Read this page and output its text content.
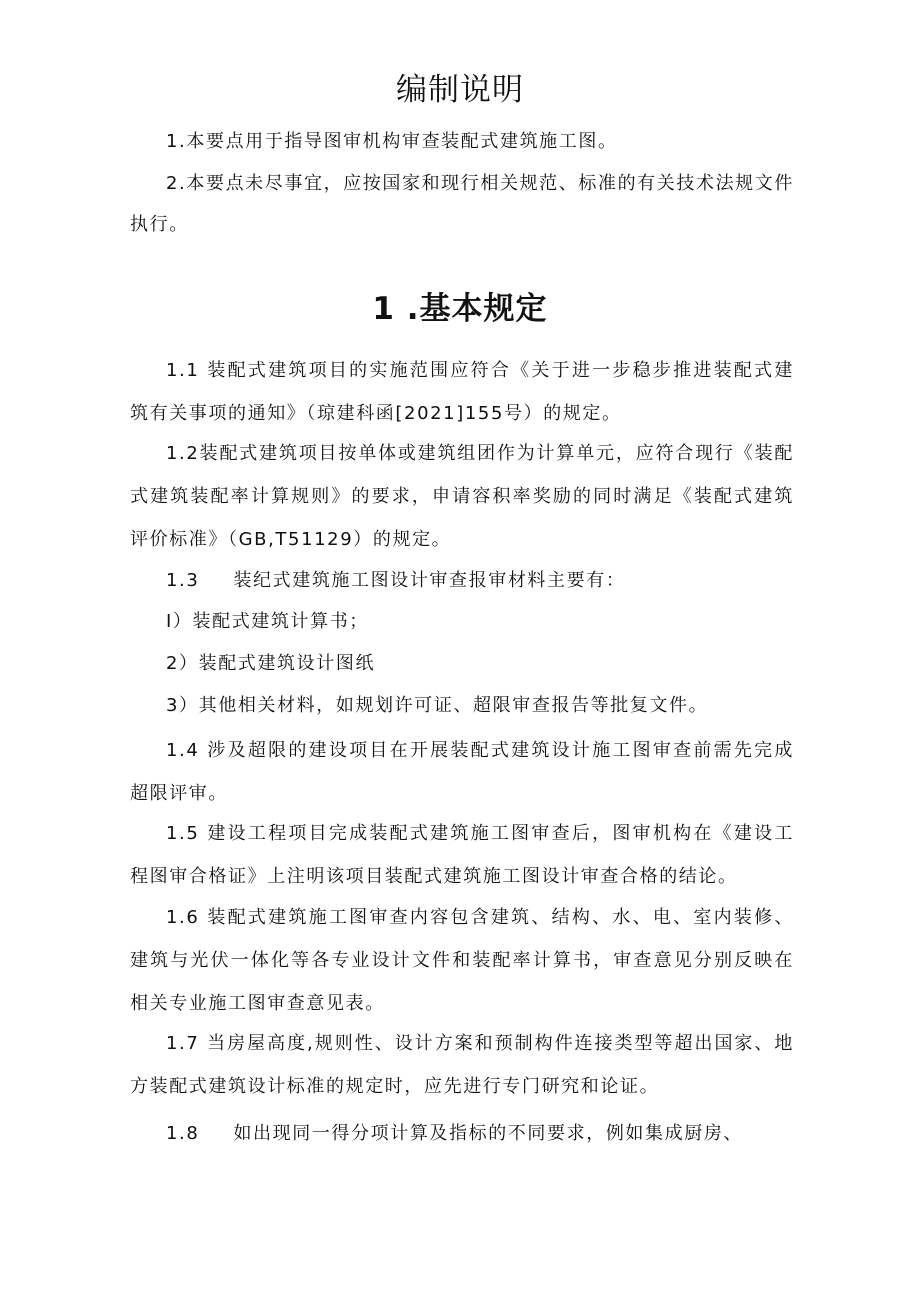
编制说明

1.本要点用于指导图审机构审查装配式建筑施工图。

2.本要点未尽事宜，应按国家和现行相关规范、标准的有关技术法规文件执行。

1 .基本规定

1.1 装配式建筑项目的实施范围应符合《关于进一步稳步推进装配式建筑有关事项的通知》（琼建科函[2021]155号）的规定。

1.2装配式建筑项目按单体或建筑组团作为计算单元，应符合现行《装配式建筑装配率计算规则》的要求，申请容积率奖励的同时满足《装配式建筑评价标准》（GB,T51129）的规定。

1.3 装纪式建筑施工图设计审查报审材料主要有：

I）装配式建筑计算书；

2）装配式建筑设计图纸

3）其他相关材料，如规划许可证、超限审查报告等批复文件。

1.4 涉及超限的建设项目在开展装配式建筑设计施工图审查前需先完成超限评审。

1.5 建设工程项目完成装配式建筑施工图审查后，图审机构在《建设工程图审合格证》上注明该项目装配式建筑施工图设计审查合格的结论。

1.6 装配式建筑施工图审查内容包含建筑、结构、水、电、室内装修、建筑与光伏一体化等各专业设计文件和装配率计算书，审查意见分别反映在相关专业施工图审查意见表。

1.7 当房屋高度,规则性、设计方案和预制构件连接类型等超出国家、地方装配式建筑设计标准的规定时，应先进行专门研究和论证。

1.8 如出现同一得分项计算及指标的不同要求，例如集成厨房、
